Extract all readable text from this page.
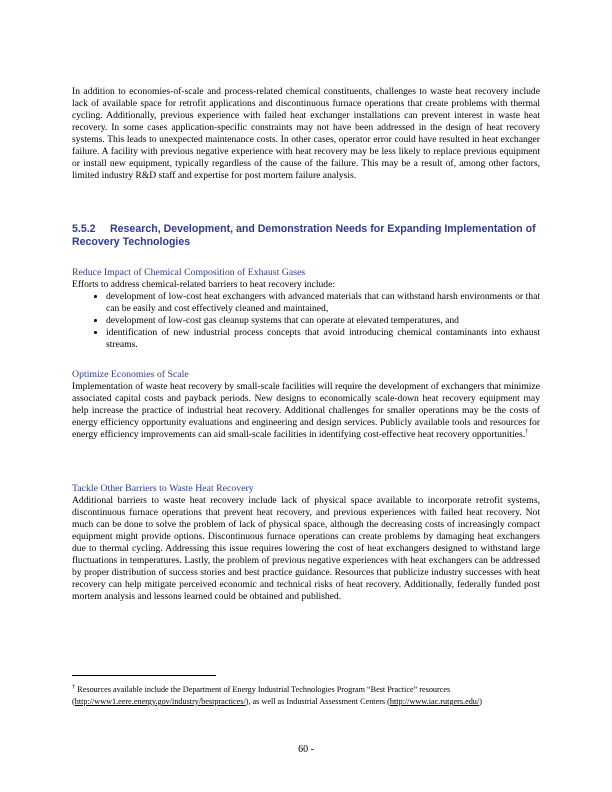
In addition to economies-of-scale and process-related chemical constituents, challenges to waste heat recovery include lack of available space for retrofit applications and discontinuous furnace operations that create problems with thermal cycling. Additionally, previous experience with failed heat exchanger installations can prevent interest in waste heat recovery. In some cases application-specific constraints may not have been addressed in the design of heat recovery systems. This leads to unexpected maintenance costs. In other cases, operator error could have resulted in heat exchanger failure. A facility with previous negative experience with heat recovery may be less likely to replace previous equipment or install new equipment, typically regardless of the cause of the failure. This may be a result of, among other factors, limited industry R&D staff and expertise for post mortem failure analysis.

5.5.2 Research, Development, and Demonstration Needs for Expanding Implementation of Recovery Technologies
Reduce Impact of Chemical Composition of Exhaust Gases

Efforts to address chemical-related barriers to heat recovery include:

• development of low-cost heat exchangers with advanced materials that can withstand harsh environments or that can be easily and cost effectively cleaned and maintained,
• development of low-cost gas cleanup systems that can operate at elevated temperatures, and
• identification of new industrial process concepts that avoid introducing chemical contaminants into exhaust streams.
Optimize Economies of Scale

Implementation of waste heat recovery by small-scale facilities will require the development of exchangers that minimize associated capital costs and payback periods. New designs to economically scale-down heat recovery equipment may help increase the practice of industrial heat recovery. Additional challenges for smaller operations may be the costs of energy efficiency opportunity evaluations and engineering and design services. Publicly available tools and resources for energy efficiency improvements can aid small-scale facilities in identifying cost-effective heat recovery opportunities.†

Tackle Other Barriers to Waste Heat Recovery

Additional barriers to waste heat recovery include lack of physical space available to incorporate retrofit systems, discontinuous furnace operations that prevent heat recovery, and previous experiences with failed heat recovery. Not much can be done to solve the problem of lack of physical space, although the decreasing costs of increasingly compact equipment might provide options. Discontinuous furnace operations can create problems by damaging heat exchangers due to thermal cycling. Addressing this issue requires lowering the cost of heat exchangers designed to withstand large fluctuations in temperatures. Lastly, the problem of previous negative experiences with heat exchangers can be addressed by proper distribution of success stories and best practice guidance. Resources that publicize industry successes with heat recovery can help mitigate perceived economic and technical risks of heat recovery. Additionally, federally funded post mortem analysis and lessons learned could be obtained and published.

† Resources available include the Department of Energy Industrial Technologies Program “Best Practice” resources (http://www1.eere.energy.gov/industry/bestpractices/), as well as Industrial Assessment Centers (http://www.iac.rutgers.edu/)
60 -
